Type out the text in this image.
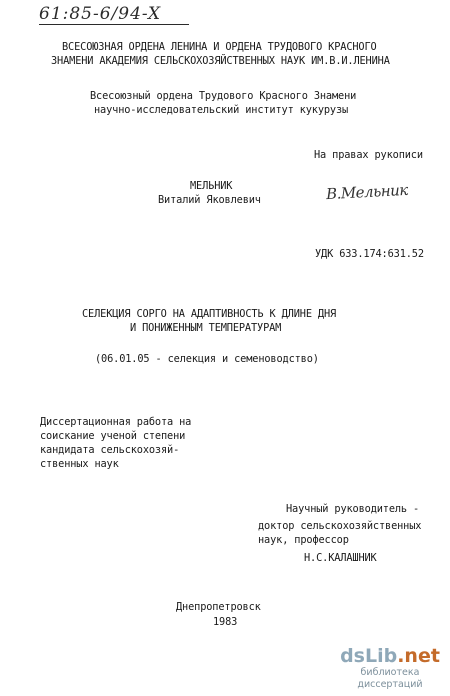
61:85-6/94-X
ВСЕСОЮЗНАЯ ОРДЕНА ЛЕНИНА И ОРДЕНА ТРУДОВОГО КРАСНОГО
ЗНАМЕНИ АКАДЕМИЯ СЕЛЬСКОХОЗЯЙСТВЕННЫХ НАУК ИМ.В.И.ЛЕНИНА
Всесоюзный ордена Трудового Красного Знамени
научно-исследовательский институт кукурузы
На правах рукописи
МЕЛЬНИК
Виталий Яковлевич	В.Мельник
УДК 633.174:631.52
СЕЛЕКЦИЯ СОРГО НА АДАПТИВНОСТЬ К ДЛИНЕ ДНЯ
И ПОНИЖЕННЫМ ТЕМПЕРАТУРАМ
(06.01.05 - селекция и семеноводство)
Диссертационная работа на
соискание ученой степени
кандидата сельскохозяй-
ственных наук
Научный руководитель -
доктор сельскохозяйственных
наук, профессор
Н.С.КАЛАШНИК
Днепропетровск
1983
dsLib.net
библиотека диссертаций
